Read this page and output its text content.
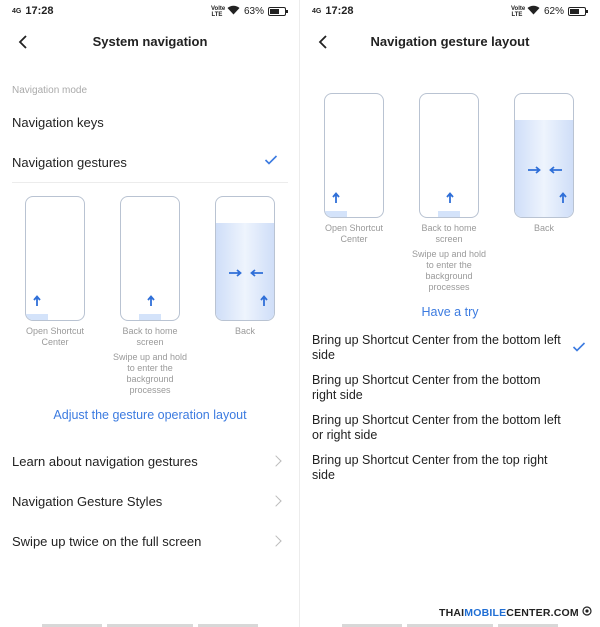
4G 17:28	Volte LTE 63%
System navigation
Navigation mode
Navigation keys
Navigation gestures
Open Shortcut Center
Back to home screen
Swipe up and hold to enter the background processes
Back
Adjust the gesture operation layout
Learn about navigation gestures
Navigation Gesture Styles
Swipe up twice on the full screen
4G 17:28	Volte LTE 62%
Navigation gesture layout
Open Shortcut Center
Back to home screen
Swipe up and hold to enter the background processes
Back
Have a try
Bring up Shortcut Center from the bottom left side
Bring up Shortcut Center from the bottom right side
Bring up Shortcut Center from the bottom left or right side
Bring up Shortcut Center from the top right side
THAIMOBILECENTER.COM
